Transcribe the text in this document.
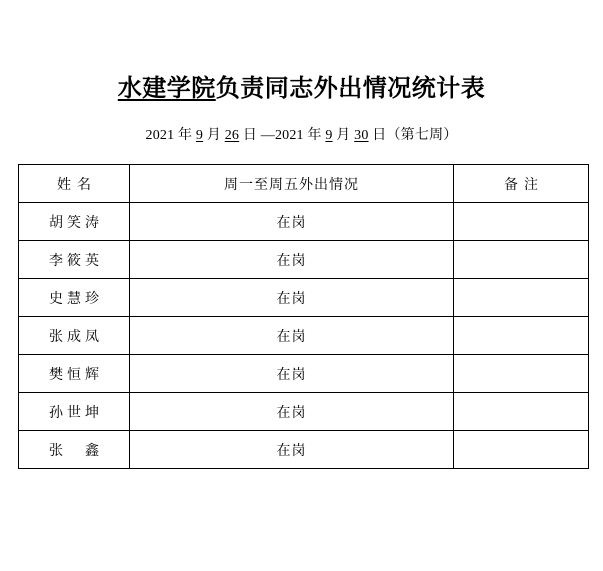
水建学院负责同志外出情况统计表
2021 年 9 月 26 日 —2021 年 9 月 30 日（第七周）
姓名	周一至周五外出情况	备注
胡笑涛	在岗	
李筱英	在岗	
史慧珍	在岗	
张成凤	在岗	
樊恒辉	在岗	
孙世坤	在岗	
张　鑫	在岗	
